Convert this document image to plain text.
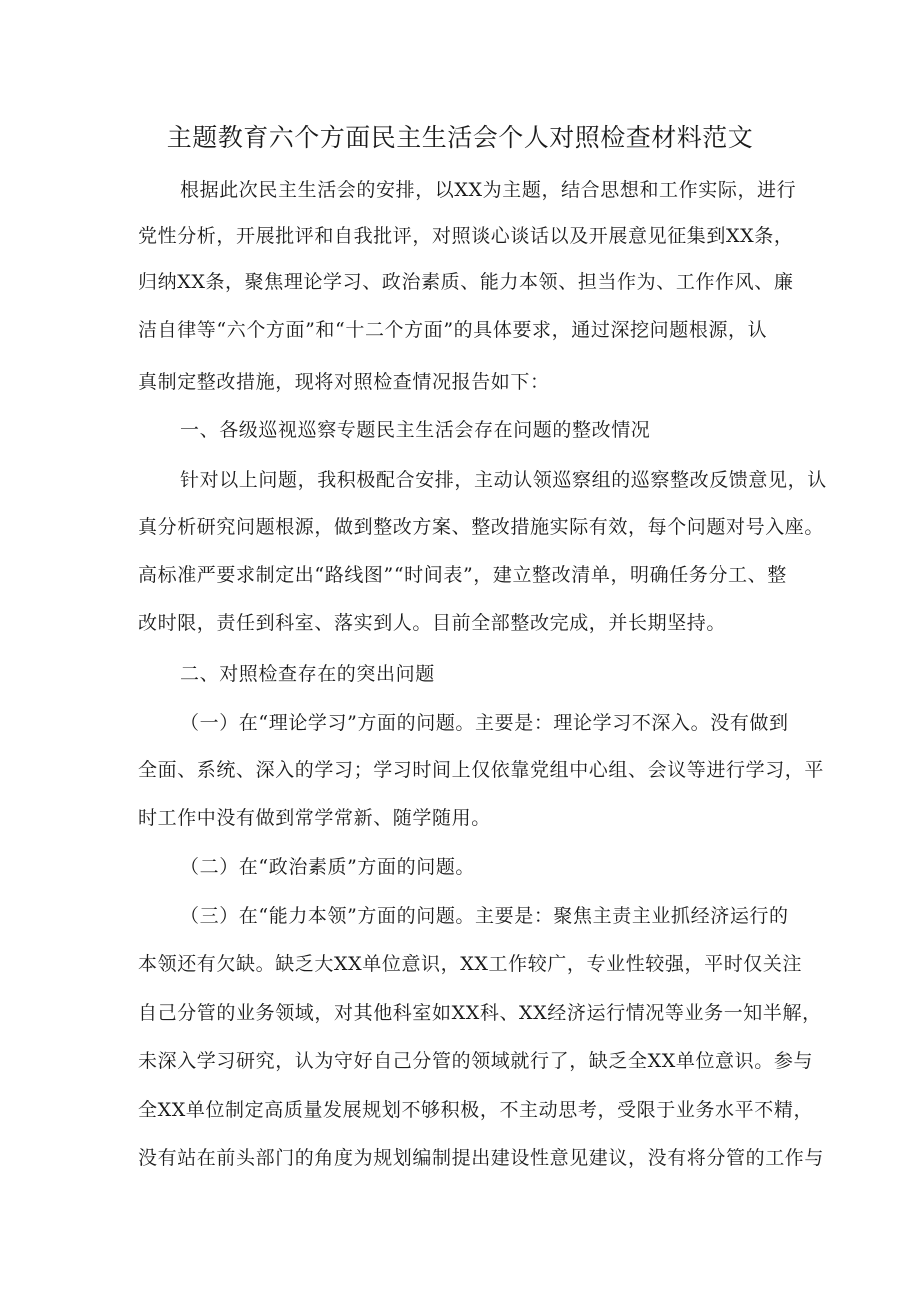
主题教育六个方面民主生活会个人对照检查材料范文
根据此次民主生活会的安排，以XX为主题，结合思想和工作实际，进行
党性分析，开展批评和自我批评，对照谈心谈话以及开展意见征集到XX条，
归纳XX条，聚焦理论学习、政治素质、能力本领、担当作为、工作作风、廉
洁自律等“六个方面”和“十二个方面”的具体要求，通过深挖问题根源，认
真制定整改措施，现将对照检查情况报告如下：
一、各级巡视巡察专题民主生活会存在问题的整改情况
针对以上问题，我积极配合安排，主动认领巡察组的巡察整改反馈意见，认
真分析研究问题根源，做到整改方案、整改措施实际有效，每个问题对号入座。
高标准严要求制定出“路线图”“时间表”，建立整改清单，明确任务分工、整
改时限，责任到科室、落实到人。目前全部整改完成，并长期坚持。
二、对照检查存在的突出问题
（一）在“理论学习”方面的问题。主要是：理论学习不深入。没有做到
全面、系统、深入的学习；学习时间上仅依靠党组中心组、会议等进行学习，平
时工作中没有做到常学常新、随学随用。
（二）在“政治素质”方面的问题。
（三）在“能力本领”方面的问题。主要是：聚焦主责主业抓经济运行的
本领还有欠缺。缺乏大XX单位意识，XX工作较广，专业性较强，平时仅关注
自己分管的业务领域，对其他科室如XX科、XX经济运行情况等业务一知半解，
未深入学习研究，认为守好自己分管的领域就行了，缺乏全XX单位意识。参与
全XX单位制定高质量发展规划不够积极，不主动思考，受限于业务水平不精，
没有站在前头部门的角度为规划编制提出建设性意见建议，没有将分管的工作与
